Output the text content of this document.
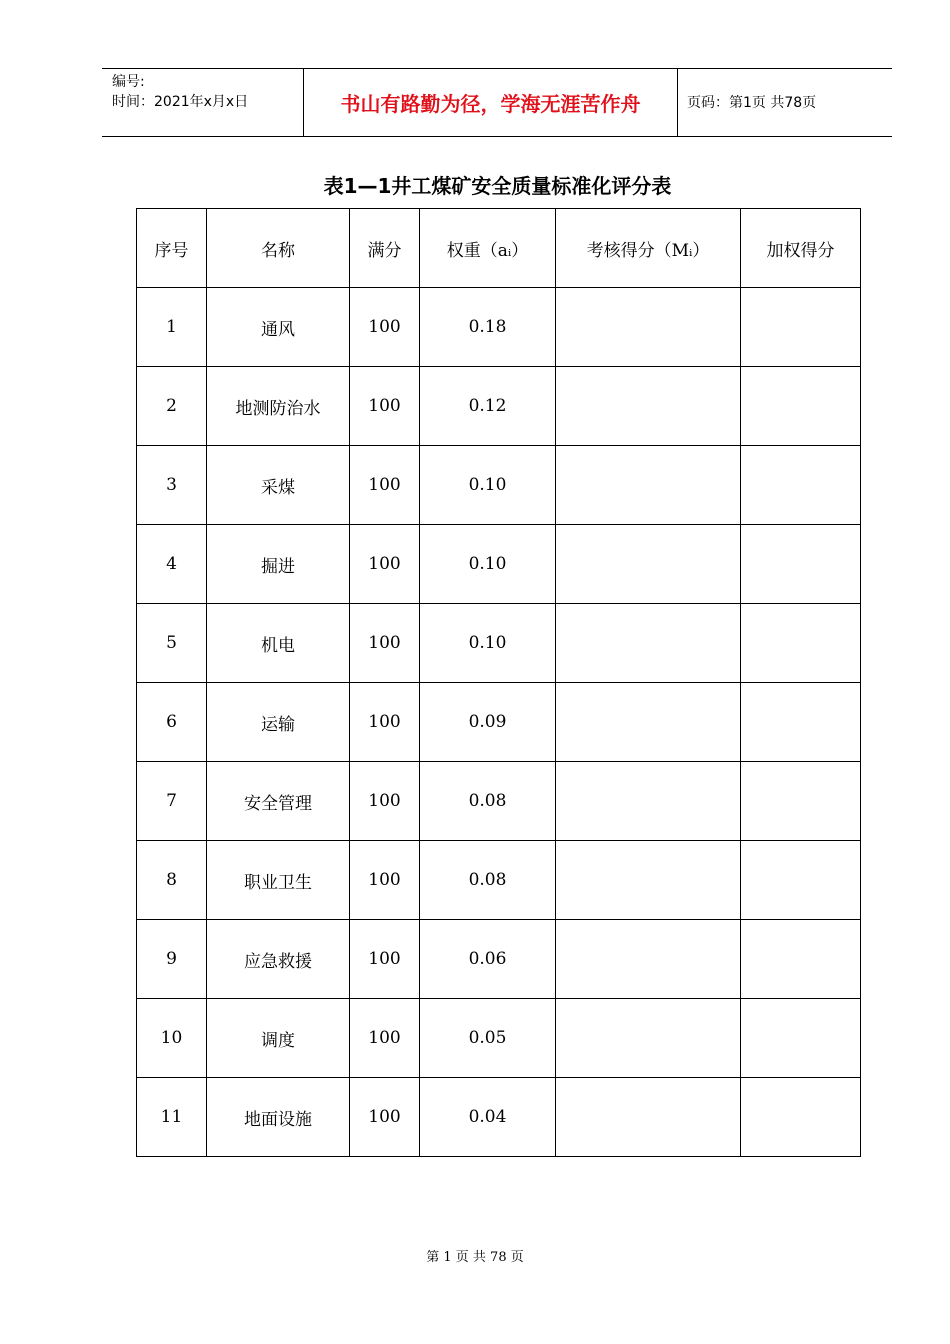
编号:
时间：2021年x月x日	书山有路勤为径，学海无涯苦作舟	页码：第1页 共78页
表1—1井工煤矿安全质量标准化评分表
序号	名称	满分	权重（aᵢ）	考核得分（Mᵢ）	加权得分
1	通风	100	0.18		
2	地测防治水	100	0.12		
3	采煤	100	0.10		
4	掘进	100	0.10		
5	机电	100	0.10		
6	运输	100	0.09		
7	安全管理	100	0.08		
8	职业卫生	100	0.08		
9	应急救援	100	0.06		
10	调度	100	0.05		
11	地面设施	100	0.04		
第 1 页 共 78 页
